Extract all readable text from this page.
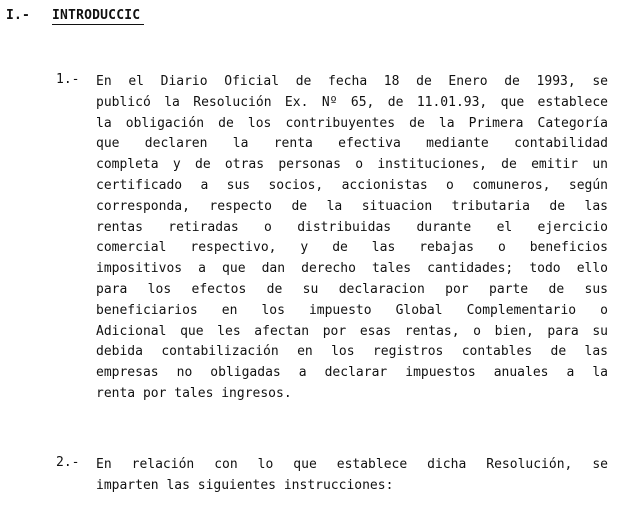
I.- INTRODUCCIC
1.- En el Diario Oficial de fecha 18 de Enero de 1993, se
publicó la Resolución Ex. Nº 65, de 11.01.93, que establece
la obligación de los contribuyentes de la Primera Categoría
que declaren la renta efectiva mediante contabilidad
completa y de otras personas o instituciones, de emitir un
certificado a sus socios, accionistas o comuneros, según
corresponda, respecto de la situacion tributaria de las
rentas retiradas o distribuidas durante el ejercicio
comercial respectivo, y de las rebajas o beneficios
impositivos a que dan derecho tales cantidades; todo ello
para los efectos de su declaracion por parte de sus
beneficiarios en los impuesto Global Complementario o
Adicional que les afectan por esas rentas, o bien, para su
debida contabilización en los registros contables de las
empresas no obligadas a declarar impuestos anuales a la
renta por tales ingresos.
2.- En relación con lo que establece dicha Resolución, se
imparten las siguientes instrucciones:
